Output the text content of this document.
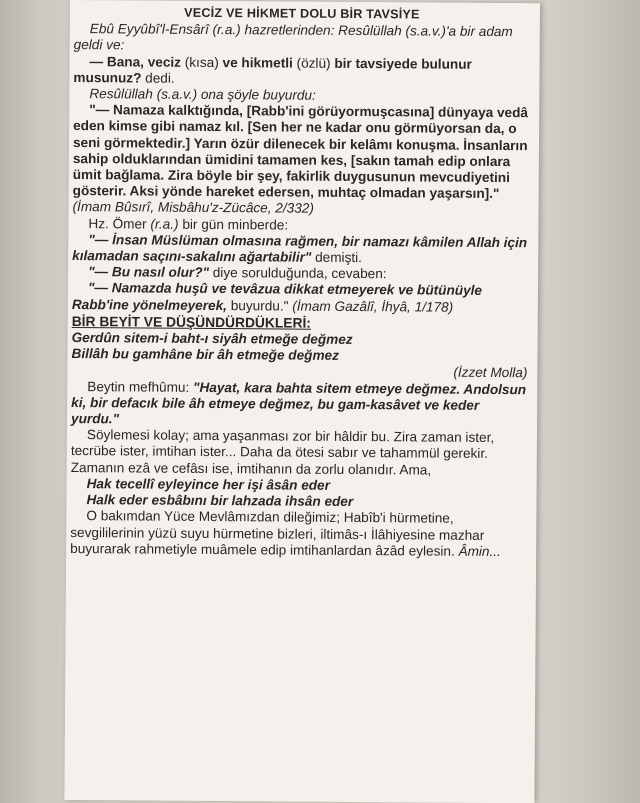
VECİZ VE HİKMET DOLU BİR TAVSİYE

Ebû Eyyûbî'l-Ensârî (r.a.) hazretlerinden: Resûlüllah (s.a.v.)'a bir adam geldi ve:

— Bana, veciz (kısa) ve hikmetli (özlü) bir tavsiyede bulunur musunuz? dedi.

Resûlüllah (s.a.v.) ona şöyle buyurdu:

"— Namaza kalktığında, [Rabb'ini görüyormuşcasına] dünyaya vedâ eden kimse gibi namaz kıl. [Sen her ne kadar onu görmüyorsan da, o seni görmektedir.] Yarın özür dilenecek bir kelâmı konuşma. İnsanların sahip olduklarından ümidini tamamen kes, [sakın tamah edip onlara ümit bağlama. Zira böyle bir şey, fakirlik duygusunun mevcudiyetini gösterir. Aksi yönde hareket edersen, muhtaç olmadan yaşarsın]." (İmam Bûsırî, Misbâhu'z-Zücâce, 2/332)

Hz. Ömer (r.a.) bir gün minberde:

"— İnsan Müslüman olmasına rağmen, bir namazı kâmilen Allah için kılamadan saçını-sakalını ağartabilir" demişti.

"— Bu nasıl olur?" diye sorulduğunda, cevaben:

"— Namazda huşû ve tevâzua dikkat etmeyerek ve bütünüyle Rabb'ine yönelmeyerek, buyurdu." (İmam Gazâlî, İhyâ, 1/178)

BİR BEYİT VE DÜŞÜNDÜRDÜKLERİ:

Gerdûn sitem-i baht-ı siyâh etmeğe değmez

Billâh bu gamhâne bir âh etmeğe değmez

(İzzet Molla)

Beytin mefhûmu: "Hayat, kara bahta sitem etmeye değmez. Andolsun ki, bir defacık bile âh etmeye değmez, bu gam-kasâvet ve keder yurdu."

Söylemesi kolay; ama yaşanması zor bir hâldir bu. Zira zaman ister, tecrübe ister, imtihan ister... Daha da ötesi sabır ve tahammül gerekir. Zamanın ezâ ve cefâsı ise, imtihanın da zorlu olanıdır. Ama,

Hak tecellî eyleyince her işi âsân eder

Halk eder esbâbını bir lahzada ihsân eder

O bakımdan Yüce Mevlâmızdan dileğimiz; Habîb'i hürmetine, sevgililerinin yüzü suyu hürmetine bizleri, iltimâs-ı İlâhiyesine mazhar buyurarak rahmetiyle muâmele edip imtihanlardan âzâd eylesin. Âmin...
